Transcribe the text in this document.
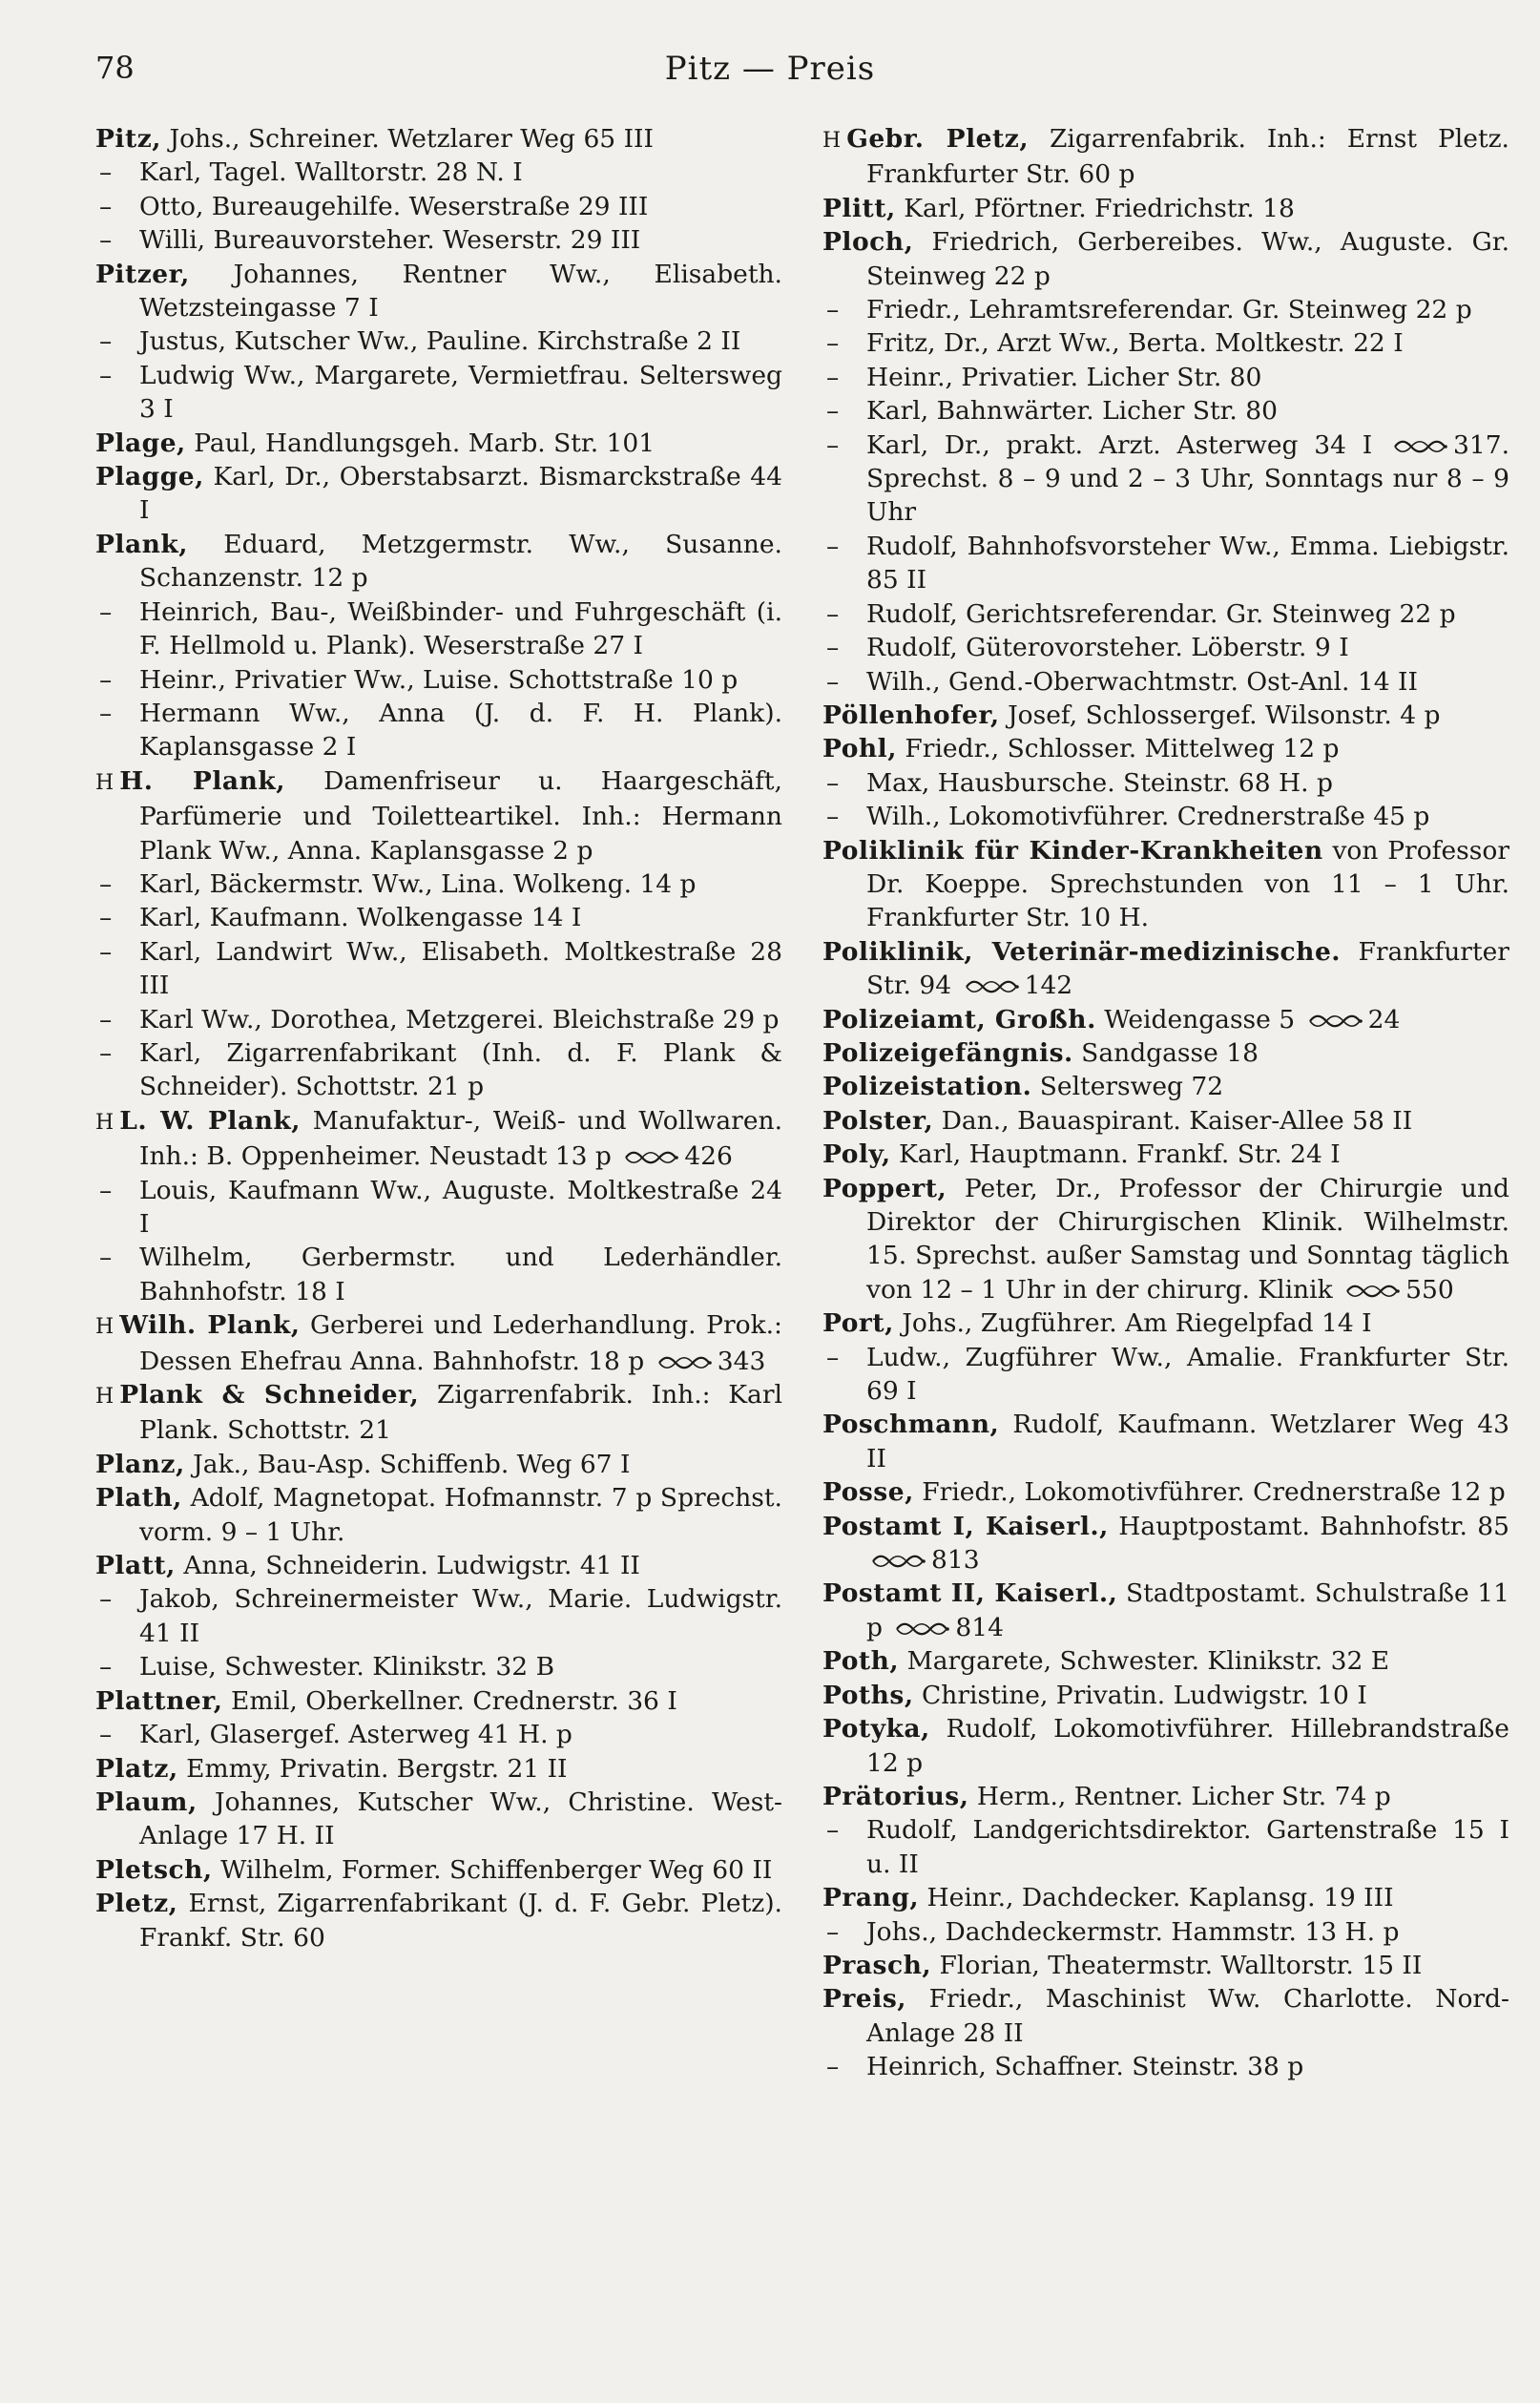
78	Pitz — Preis

Pitz, Johs., Schreiner. Wetzlarer Weg 65 III

– Karl, Tagel. Walltorstr. 28 N. I

– Otto, Bureaugehilfe. Weserstraße 29 III

– Willi, Bureauvorsteher. Weserstr. 29 III

Pitzer, Johannes, Rentner Ww., Elisabeth. Wetzsteingasse 7 I

– Justus, Kutscher Ww., Pauline. Kirchstraße 2 II

– Ludwig Ww., Margarete, Vermietfrau. Seltersweg 3 I

Plage, Paul, Handlungsgeh. Marb. Str. 101

Plagge, Karl, Dr., Oberstabsarzt. Bismarckstraße 44 I

Plank, Eduard, Metzgermstr. Ww., Susanne. Schanzenstr. 12 p

– Heinrich, Bau-, Weißbinder- und Fuhrgeschäft (i. F. Hellmold u. Plank). Weserstraße 27 I

– Heinr., Privatier Ww., Luise. Schottstraße 10 p

– Hermann Ww., Anna (J. d. F. H. Plank). Kaplansgasse 2 I

H H. Plank, Damenfriseur u. Haargeschäft, Parfümerie und Toiletteartikel. Inh.: Hermann Plank Ww., Anna. Kaplansgasse 2 p

– Karl, Bäckermstr. Ww., Lina. Wolkeng. 14 p

– Karl, Kaufmann. Wolkengasse 14 I

– Karl, Landwirt Ww., Elisabeth. Moltkestraße 28 III

– Karl Ww., Dorothea, Metzgerei. Bleichstraße 29 p

– Karl, Zigarrenfabrikant (Inh. d. F. Plank & Schneider). Schottstr. 21 p

H L. W. Plank, Manufaktur-, Weiß- und Wollwaren. Inh.: B. Oppenheimer. Neustadt 13 p	426

– Louis, Kaufmann Ww., Auguste. Moltkestraße 24 I

– Wilhelm, Gerbermstr. und Lederhändler. Bahnhofstr. 18 I

H Wilh. Plank, Gerberei und Lederhandlung. Prok.: Dessen Ehefrau Anna. Bahnhofstr. 18 p	343

H Plank & Schneider, Zigarrenfabrik. Inh.: Karl Plank. Schottstr. 21

Planz, Jak., Bau-Asp. Schiffenb. Weg 67 I

Plath, Adolf, Magnetopat. Hofmannstr. 7 p Sprechst. vorm. 9 – 1 Uhr.

Platt, Anna, Schneiderin. Ludwigstr. 41 II

– Jakob, Schreinermeister Ww., Marie. Ludwigstr. 41 II

– Luise, Schwester. Klinikstr. 32 B

Plattner, Emil, Oberkellner. Crednerstr. 36 I

– Karl, Glasergef. Asterweg 41 H. p

Platz, Emmy, Privatin. Bergstr. 21 II

Plaum, Johannes, Kutscher Ww., Christine. West-Anlage 17 H. II

Pletsch, Wilhelm, Former. Schiffenberger Weg 60 II

Pletz, Ernst, Zigarrenfabrikant (J. d. F. Gebr. Pletz). Frankf. Str. 60

H Gebr. Pletz, Zigarrenfabrik. Inh.: Ernst Pletz. Frankfurter Str. 60 p

Plitt, Karl, Pförtner. Friedrichstr. 18

Ploch, Friedrich, Gerbereibes. Ww., Auguste. Gr. Steinweg 22 p

– Friedr., Lehramtsreferendar. Gr. Steinweg 22 p

– Fritz, Dr., Arzt Ww., Berta. Moltkestr. 22 I

– Heinr., Privatier. Licher Str. 80

– Karl, Bahnwärter. Licher Str. 80

– Karl, Dr., prakt. Arzt. Asterweg 34 I	317. Sprechst. 8 – 9 und 2 – 3 Uhr, Sonntags nur 8 – 9 Uhr

– Rudolf, Bahnhofsvorsteher Ww., Emma. Liebigstr. 85 II

– Rudolf, Gerichtsreferendar. Gr. Steinweg 22 p

– Rudolf, Güterovorsteher. Löberstr. 9 I

– Wilh., Gend.-Oberwachtmstr. Ost-Anl. 14 II

Pöllenhofer, Josef, Schlossergef. Wilsonstr. 4 p

Pohl, Friedr., Schlosser. Mittelweg 12 p

– Max, Hausbursche. Steinstr. 68 H. p

– Wilh., Lokomotivführer. Crednerstraße 45 p

Poliklinik für Kinder-Krankheiten von Professor Dr. Koeppe. Sprechstunden von 11 – 1 Uhr. Frankfurter Str. 10 H.

Poliklinik, Veterinär-medizinische. Frankfurter Str. 94	142

Polizeiamt, Großh. Weidengasse 5	24

Polizeigefängnis. Sandgasse 18

Polizeistation. Seltersweg 72

Polster, Dan., Bauaspirant. Kaiser-Allee 58 II

Poly, Karl, Hauptmann. Frankf. Str. 24 I

Poppert, Peter, Dr., Professor der Chirurgie und Direktor der Chirurgischen Klinik. Wilhelmstr. 15. Sprechst. außer Samstag und Sonntag täglich von 12 – 1 Uhr in der chirurg. Klinik	550

Port, Johs., Zugführer. Am Riegelpfad 14 I

– Ludw., Zugführer Ww., Amalie. Frankfurter Str. 69 I

Poschmann, Rudolf, Kaufmann. Wetzlarer Weg 43 II

Posse, Friedr., Lokomotivführer. Crednerstraße 12 p

Postamt I, Kaiserl., Hauptpostamt. Bahnhofstr. 85
813

Postamt II, Kaiserl., Stadtpostamt. Schulstraße 11 p	814

Poth, Margarete, Schwester. Klinikstr. 32 E

Poths, Christine, Privatin. Ludwigstr. 10 I

Potyka, Rudolf, Lokomotivführer. Hillebrandstraße 12 p

Prätorius, Herm., Rentner. Licher Str. 74 p

– Rudolf, Landgerichtsdirektor. Gartenstraße 15 I u. II

Prang, Heinr., Dachdecker. Kaplansg. 19 III

– Johs., Dachdeckermstr. Hammstr. 13 H. p

Prasch, Florian, Theatermstr. Walltorstr. 15 II

Preis, Friedr., Maschinist Ww. Charlotte. Nord-Anlage 28 II

– Heinrich, Schaffner. Steinstr. 38 p
